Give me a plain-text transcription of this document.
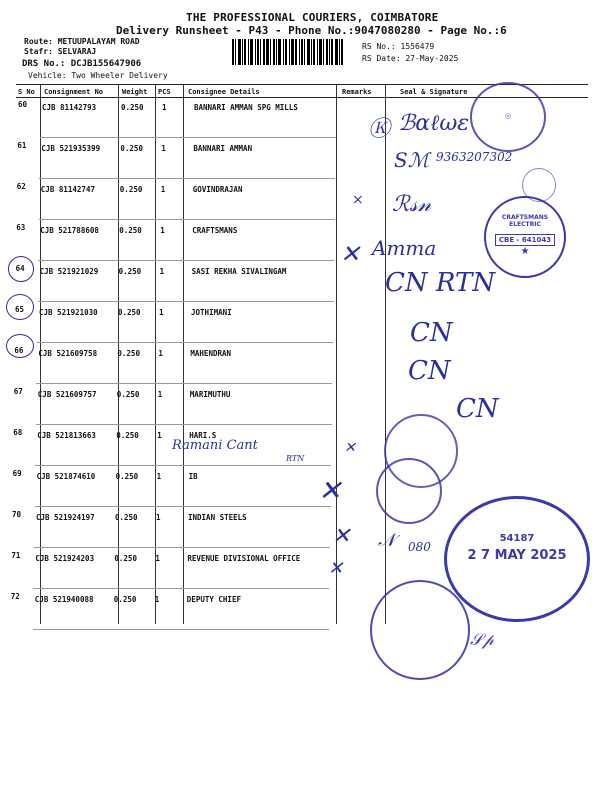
THE PROFESSIONAL COURIERS, COIMBATORE
Delivery Runsheet - P43 - Phone No.:9047080280 - Page No.:6
Route: METUUPALAYAM ROAD
Stafr: SELVARAJ
DRS No.: DCJB155647906
Vehicle: Two Wheeler Delivery
RS No.: 1556479
RS Date: 27-May-2025
S No Consignment No	Weight PCS Consignee Details	Remarks	Seal & Signature
60 CJB 81142793	0.250 1	BANNARI AMMAN SPG MILLS
61 CJB 521935399	0.250 1	BANNARI AMMAN
62 CJB 81142747	0.250 1	GOVINDRAJAN
63 CJB 521788608	0.250 1	CRAFTSMANS
64 CJB 521921029	0.250 1	SASI REKHA SIVALINGAM
65 CJB 521921030	0.250 1	JOTHIMANI
66 CJB 521609758	0.250 1	MAHENDRAN
67 CJB 521609757	0.250 1	MARIMUTHU
68 CJB 521813663	0.250 1	HARI.S
69 CJB 521874610	0.250 1	IB
70 CJB 521924197	0.250 1	INDIAN STEELS
71 CJB 521924203	0.250 1	REVENUE DIVISIONAL OFFICE
72 CJB 521940088	0.250 1	DEPUTY CHIEF
Ⓚ ℬαℓωε
Sℳ 9363207302
ℛ𝓈𝓃
×
✕ Amma
CN RTN
CN
CN
CN
Ramani Cant
RTN
✕
✕
✕
✕
𝒩 080
𝒮𝓅
◎
CRAFTSMANS ELECTRIC
CBE - 641043
★
54187
2 7 MAY 2025
